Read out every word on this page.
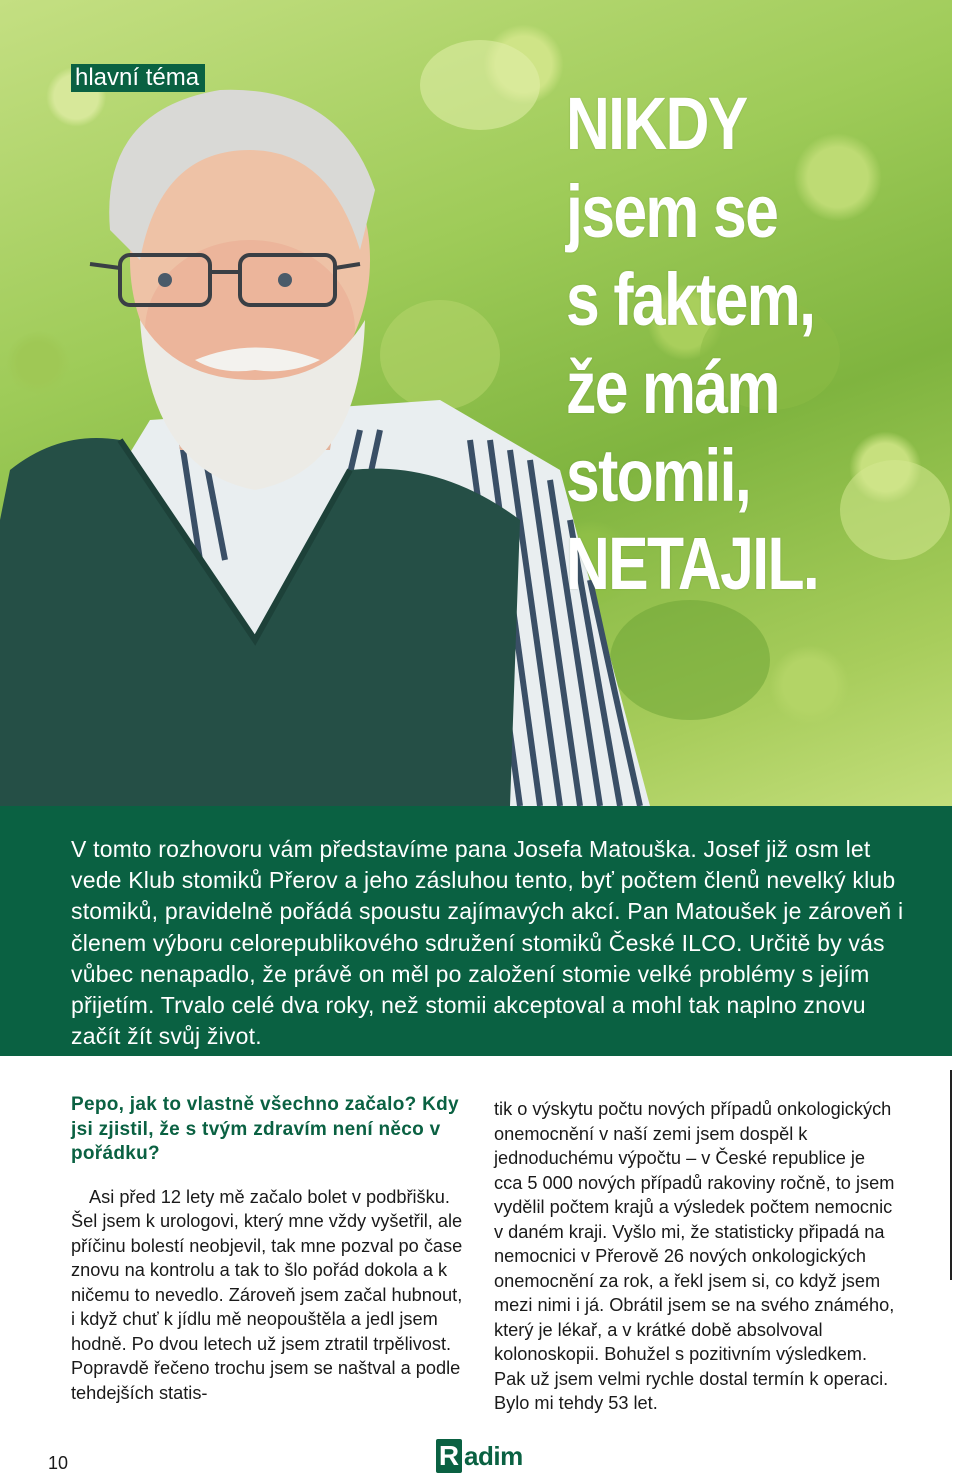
hlavní téma
NIKDY
jsem se
s faktem,
že mám
stomii,
NETAJIL.

V tomto rozhovoru vám představíme pana Josefa Matouška. Josef již osm let vede Klub stomiků Přerov a jeho zásluhou tento, byť počtem členů nevelký klub stomiků, pravidelně pořádá spoustu zajímavých akcí. Pan Matoušek je zároveň i členem výboru celorepublikového sdružení stomiků České ILCO. Určitě by vás vůbec nenapadlo, že právě on měl po založení stomie velké problémy s jejím přijetím. Trvalo celé dva roky, než stomii akceptoval a mohl tak naplno znovu začít žít svůj život.

Pepo, jak to vlastně všechno začalo? Kdy jsi zjistil, že s tvým zdravím není něco v pořádku?

Asi před 12 lety mě začalo bolet v podbřišku. Šel jsem k urologovi, který mne vždy vyšetřil, ale příčinu bolestí neobjevil, tak mne pozval po čase znovu na kontrolu a tak to šlo pořád dokola a k ničemu to nevedlo. Zároveň jsem začal hubnout, i když chuť k jídlu mě neopouštěla a jedl jsem hodně. Po dvou letech už jsem ztratil trpělivost. Popravdě řečeno trochu jsem se naštval a podle tehdejších statis-

tik o výskytu počtu nových případů onkologických onemocnění v naší zemi jsem dospěl k jednoduchému výpočtu – v České republice je cca 5 000 nových případů rakoviny ročně, to jsem vydělil počtem krajů a výsledek počtem nemocnic v daném kraji. Vyšlo mi, že statisticky připadá na nemocnici v Přerově 26 nových onkologických onemocnění za rok, a řekl jsem si, co když jsem mezi nimi i já. Obrátil jsem se na svého známého, který je lékař, a v krátké době absolvoval kolonoskopii. Bohužel s pozitivním výsledkem. Pak už jsem velmi rychle dostal termín k operaci. Bylo mi tehdy 53 let.

10	R adim
